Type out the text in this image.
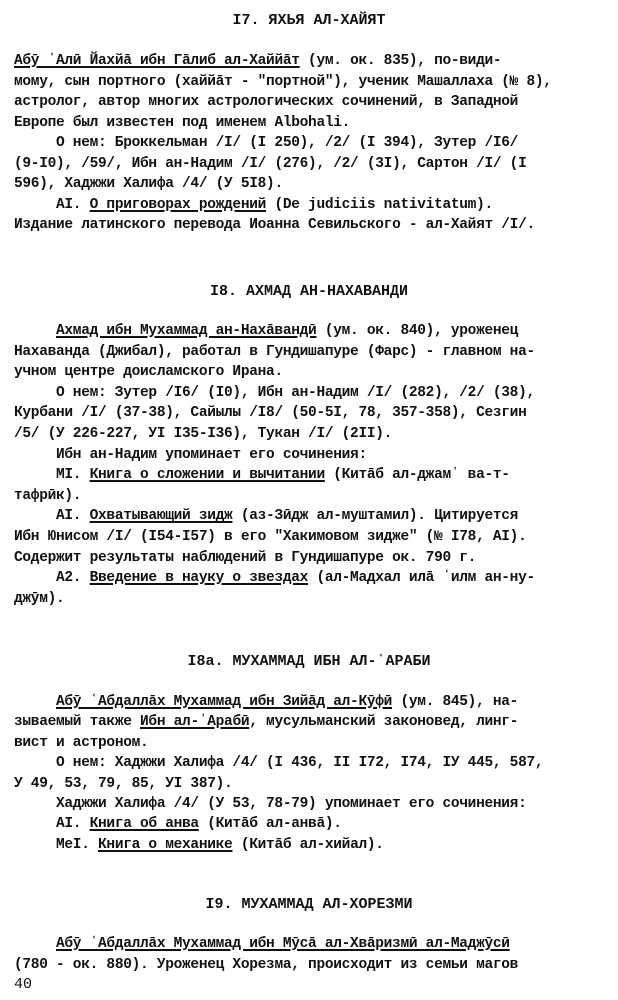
I7. ЯХЬЯ АЛ-ХАЙЯТ
Абӯ ʿАлӣ Йахйā ибн Гāлиб ал-Хаййāт (ум. ок. 835), по-види-
мому, сын портного (хаййāт - "портной"), ученик Машаллаха (№ 8),
астролог, автор многих астрологических сочинений, в Западной
Европе был известен под именем Albohali.
О нем: Броккельман /I/ (I 250), /2/ (I 394), Зутер /I6/
(9-I0), /59/, Ибн ан-Надим /I/ (276), /2/ (3I), Сартон /I/ (I
596), Хаджжи Халифа /4/ (У 5I8).
AI. О приговорах рождений (De judiciis nativitatum).
Издание латинского перевода Иоанна Севильского - ал-Хайят /I/.
I8. АХМАД АН-НАХАВАНДИ
Ахмад ибн Мухаммад ан-Нахāвандӣ (ум. ок. 840), уроженец
Нахаванда (Джибал), работал в Гундишапуре (Фарс) - главном на-
учном центре доисламского Ирана.
О нем: Зутер /I6/ (I0), Ибн ан-Надим /I/ (282), /2/ (38),
Курбани /I/ (37-38), Сайылы /I8/ (50-5I, 78, 357-358), Сезгин
/5/ (У 226-227, УI I35-I36), Тукан /I/ (2II).
Ибн ан-Надим упоминает его сочинения:
МI. Книга о сложении и вычитании (Китāб ал-джамʿ ва-т-
тафрӣк).
AI. Охватывающий зидж (аз-Зӣдж ал-муштамил). Цитируется
Ибн Юнисом /I/ (I54-I57) в его "Хакимовом зидже" (№ I78, AI).
Содержит результаты наблюдений в Гундишапуре ок. 790 г.
A2. Введение в науку о звездах (ал-Мадхал илā ʿилм ан-ну-
джӯм).
I8а. МУХАММАД ИБН АЛ-ʿАРАБИ
Абӯ ʿАбдаллāх Мухаммад ибн Зийāд ал-Кӯфӣ (ум. 845), на-
зываемый также Ибн ал-ʿАрабӣ, мусульманский законовед, линг-
вист и астроном.
О нем: Хаджжи Халифа /4/ (I 436, II I72, I74, IУ 445, 587,
У 49, 53, 79, 85, УI 387).
Хаджжи Халифа /4/ (У 53, 78-79) упоминает его сочинения:
AI. Книга об анва (Китāб ал-анвā).
МеI. Книга о механике (Китāб ал-хийал).
I9. МУХАММАД АЛ-ХОРЕЗМИ
Абӯ ʿАбдаллāх Мухаммад ибн Мӯсā ал-Хвāризмӣ ал-Маджӯсӣ
(780 - ок. 880). Уроженец Хорезма, происходит из семьи магов
40
